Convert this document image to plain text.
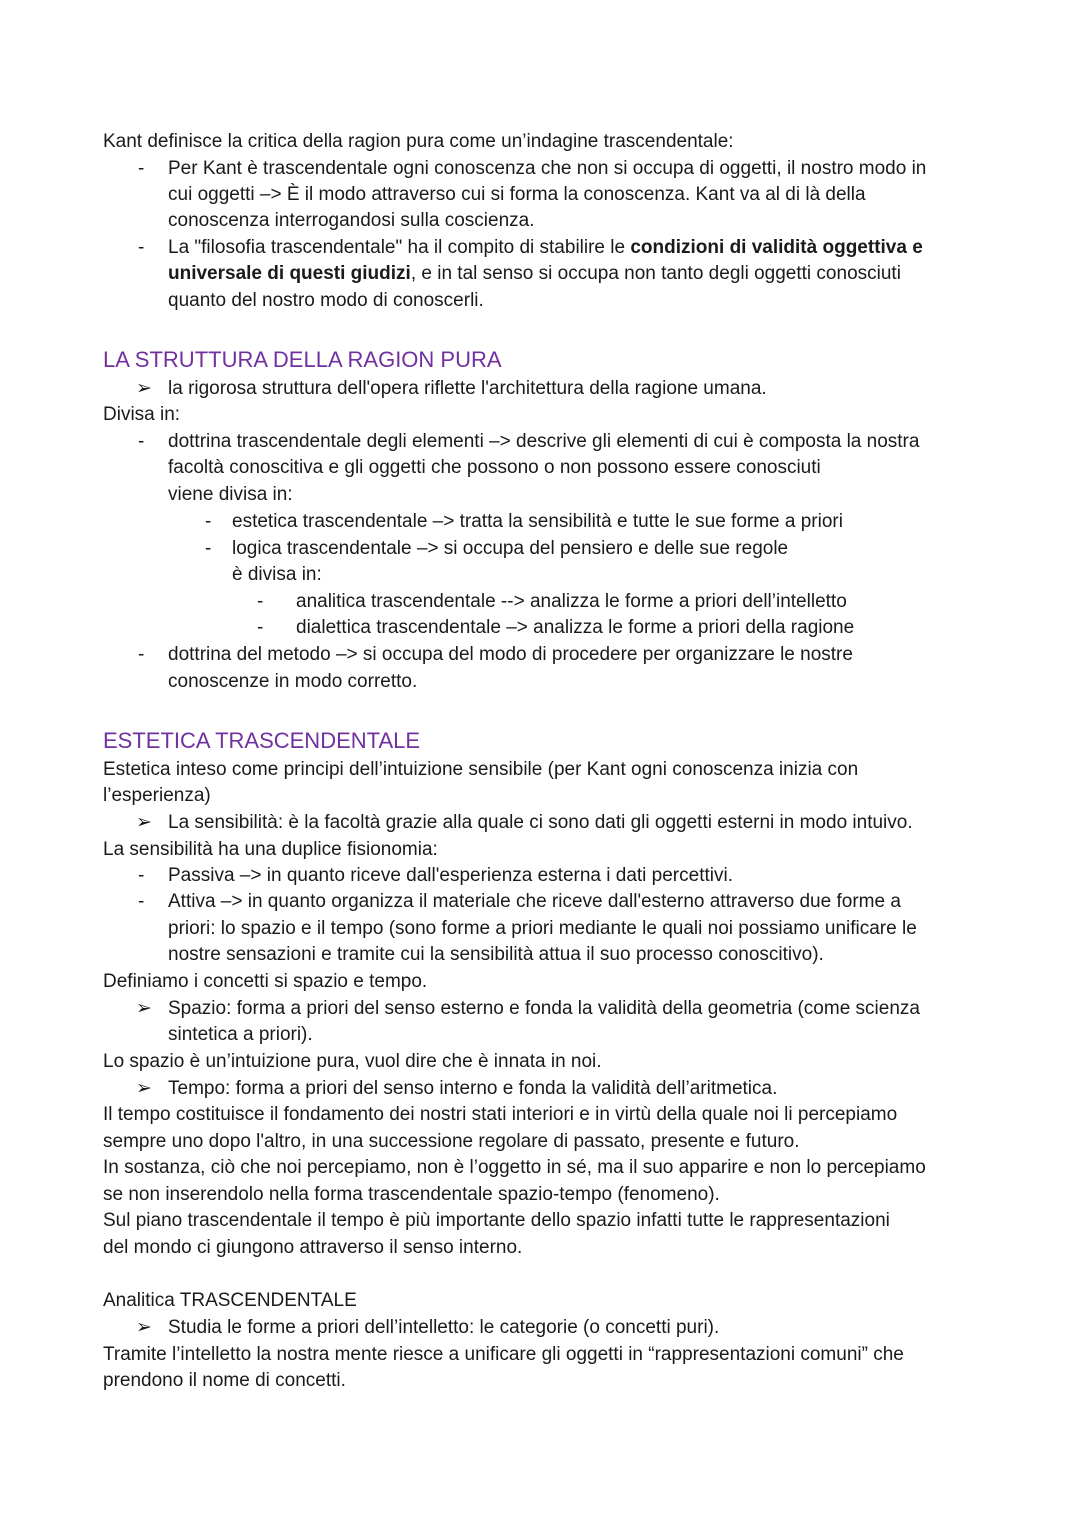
Kant definisce la critica della ragion pura come un’indagine trascendentale:
- Per Kant è trascendentale ogni conoscenza che non si occupa di oggetti, il nostro modo in
cui oggetti –> È il modo attraverso cui si forma la conoscenza. Kant va al di là della
conoscenza interrogandosi sulla coscienza.
- La "filosofia trascendentale" ha il compito di stabilire le condizioni di validità oggettiva e
universale di questi giudizi, e in tal senso si occupa non tanto degli oggetti conosciuti
quanto del nostro modo di conoscerli.
LA STRUTTURA DELLA RAGION PURA
➢ la rigorosa struttura dell'opera riflette l'architettura della ragione umana.
Divisa in:
- dottrina trascendentale degli elementi –> descrive gli elementi di cui è composta la nostra
facoltà conoscitiva e gli oggetti che possono o non possono essere conosciuti
viene divisa in:
- estetica trascendentale –> tratta la sensibilità e tutte le sue forme a priori
- logica trascendentale –> si occupa del pensiero e delle sue regole
è divisa in:
- analitica trascendentale --> analizza le forme a priori dell’intelletto
- dialettica trascendentale –> analizza le forme a priori della ragione
- dottrina del metodo –> si occupa del modo di procedere per organizzare le nostre
conoscenze in modo corretto.
ESTETICA TRASCENDENTALE
Estetica inteso come principi dell’intuizione sensibile (per Kant ogni conoscenza inizia con
l’esperienza)
➢ La sensibilità: è la facoltà grazie alla quale ci sono dati gli oggetti esterni in modo intuivo.
La sensibilità ha una duplice fisionomia:
- Passiva –> in quanto riceve dall'esperienza esterna i dati percettivi.
- Attiva –> in quanto organizza il materiale che riceve dall'esterno attraverso due forme a
priori: lo spazio e il tempo (sono forme a priori mediante le quali noi possiamo unificare le
nostre sensazioni e tramite cui la sensibilità attua il suo processo conoscitivo).
Definiamo i concetti si spazio e tempo.
➢ Spazio: forma a priori del senso esterno e fonda la validità della geometria (come scienza
sintetica a priori).
Lo spazio è un’intuizione pura, vuol dire che è innata in noi.
➢ Tempo: forma a priori del senso interno e fonda la validità dell’aritmetica.
Il tempo costituisce il fondamento dei nostri stati interiori e in virtù della quale noi li percepiamo
sempre uno dopo l'altro, in una successione regolare di passato, presente e futuro.
In sostanza, ciò che noi percepiamo, non è l’oggetto in sé, ma il suo apparire e non lo percepiamo
se non inserendolo nella forma trascendentale spazio-tempo (fenomeno).
Sul piano trascendentale il tempo è più importante dello spazio infatti tutte le rappresentazioni
del mondo ci giungono attraverso il senso interno.
Analitica TRASCENDENTALE
➢ Studia le forme a priori dell’intelletto: le categorie (o concetti puri).
Tramite l’intelletto la nostra mente riesce a unificare gli oggetti in “rappresentazioni comuni” che
prendono il nome di concetti.
